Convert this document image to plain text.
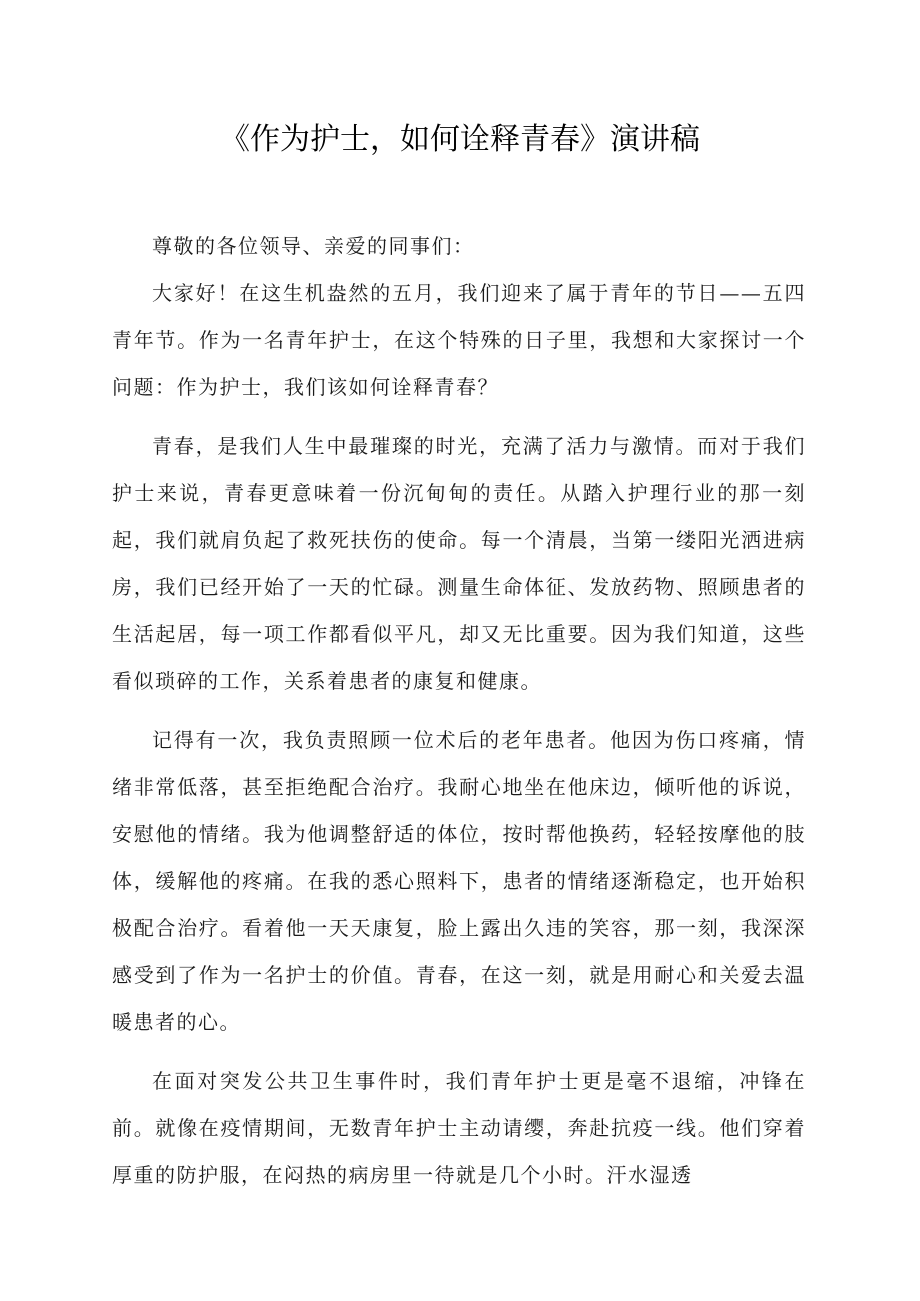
《作为护士，如何诠释青春》演讲稿

尊敬的各位领导、亲爱的同事们：

大家好！在这生机盎然的五月，我们迎来了属于青年的节日——五四青年节。作为一名青年护士，在这个特殊的日子里，我想和大家探讨一个问题：作为护士，我们该如何诠释青春？

青春，是我们人生中最璀璨的时光，充满了活力与激情。而对于我们护士来说，青春更意味着一份沉甸甸的责任。从踏入护理行业的那一刻起，我们就肩负起了救死扶伤的使命。每一个清晨，当第一缕阳光洒进病房，我们已经开始了一天的忙碌。测量生命体征、发放药物、照顾患者的生活起居，每一项工作都看似平凡，却又无比重要。因为我们知道，这些看似琐碎的工作，关系着患者的康复和健康。

记得有一次，我负责照顾一位术后的老年患者。他因为伤口疼痛，情绪非常低落，甚至拒绝配合治疗。我耐心地坐在他床边，倾听他的诉说，安慰他的情绪。我为他调整舒适的体位，按时帮他换药，轻轻按摩他的肢体，缓解他的疼痛。在我的悉心照料下，患者的情绪逐渐稳定，也开始积极配合治疗。看着他一天天康复，脸上露出久违的笑容，那一刻，我深深感受到了作为一名护士的价值。青春，在这一刻，就是用耐心和关爱去温暖患者的心。

在面对突发公共卫生事件时，我们青年护士更是毫不退缩，冲锋在前。就像在疫情期间，无数青年护士主动请缨，奔赴抗疫一线。他们穿着厚重的防护服，在闷热的病房里一待就是几个小时。汗水湿透
